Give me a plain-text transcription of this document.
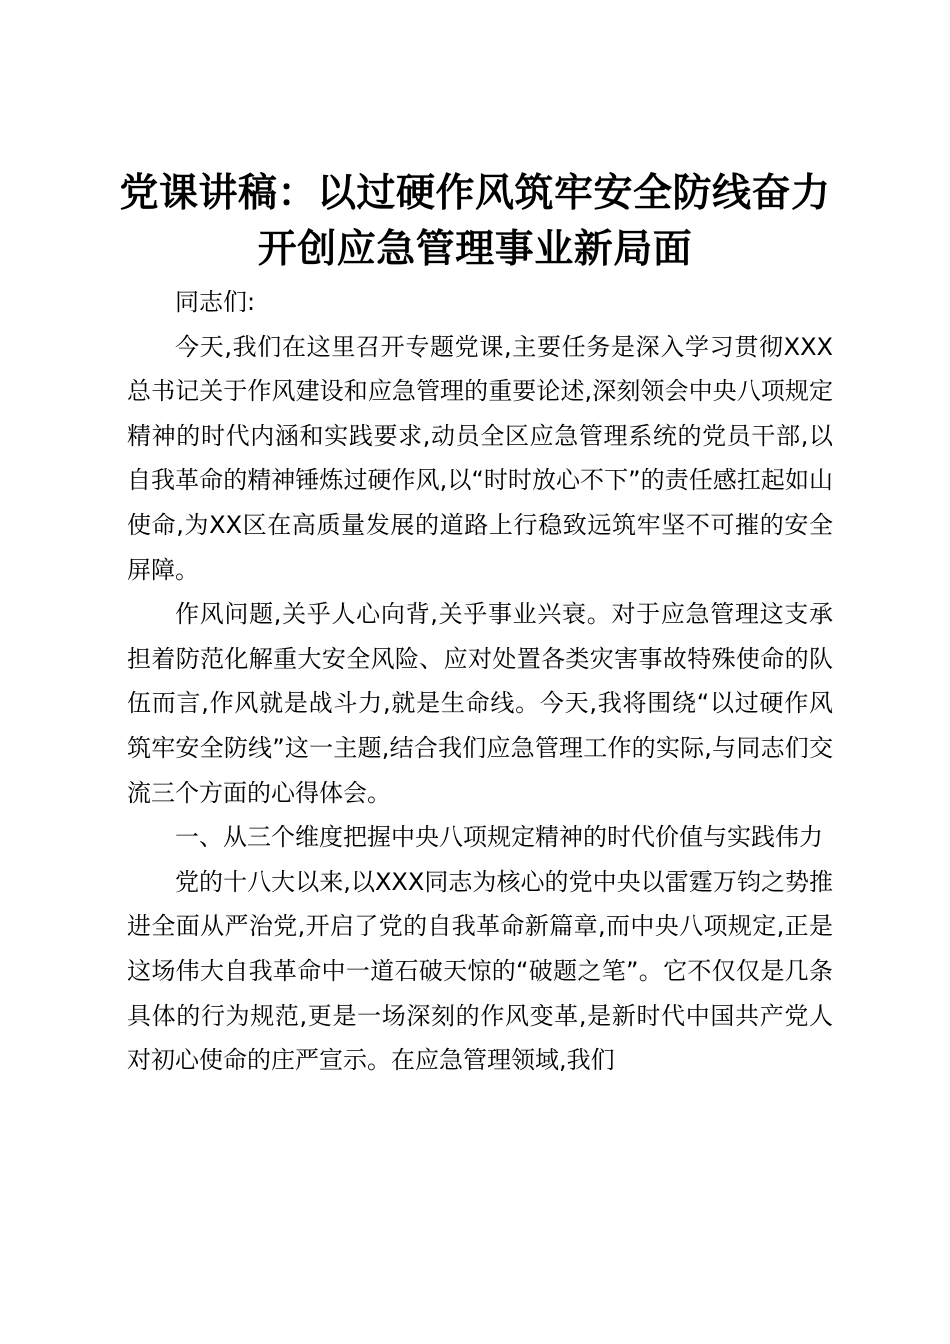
党课讲稿：以过硬作风筑牢安全防线奋力开创应急管理事业新局面

同志们:

今天,我们在这里召开专题党课,主要任务是深入学习贯彻XXX总书记关于作风建设和应急管理的重要论述,深刻领会中央八项规定精神的时代内涵和实践要求,动员全区应急管理系统的党员干部,以自我革命的精神锤炼过硬作风,以“时时放心不下”的责任感扛起如山使命,为XX区在高质量发展的道路上行稳致远筑牢坚不可摧的安全屏障。

作风问题,关乎人心向背,关乎事业兴衰。对于应急管理这支承担着防范化解重大安全风险、应对处置各类灾害事故特殊使命的队伍而言,作风就是战斗力,就是生命线。今天,我将围绕“以过硬作风筑牢安全防线”这一主题,结合我们应急管理工作的实际,与同志们交流三个方面的心得体会。

一、从三个维度把握中央八项规定精神的时代价值与实践伟力

党的十八大以来,以XXX同志为核心的党中央以雷霆万钧之势推进全面从严治党,开启了党的自我革命新篇章,而中央八项规定,正是这场伟大自我革命中一道石破天惊的“破题之笔”。它不仅仅是几条具体的行为规范,更是一场深刻的作风变革,是新时代中国共产党人对初心使命的庄严宣示。在应急管理领域,我们
